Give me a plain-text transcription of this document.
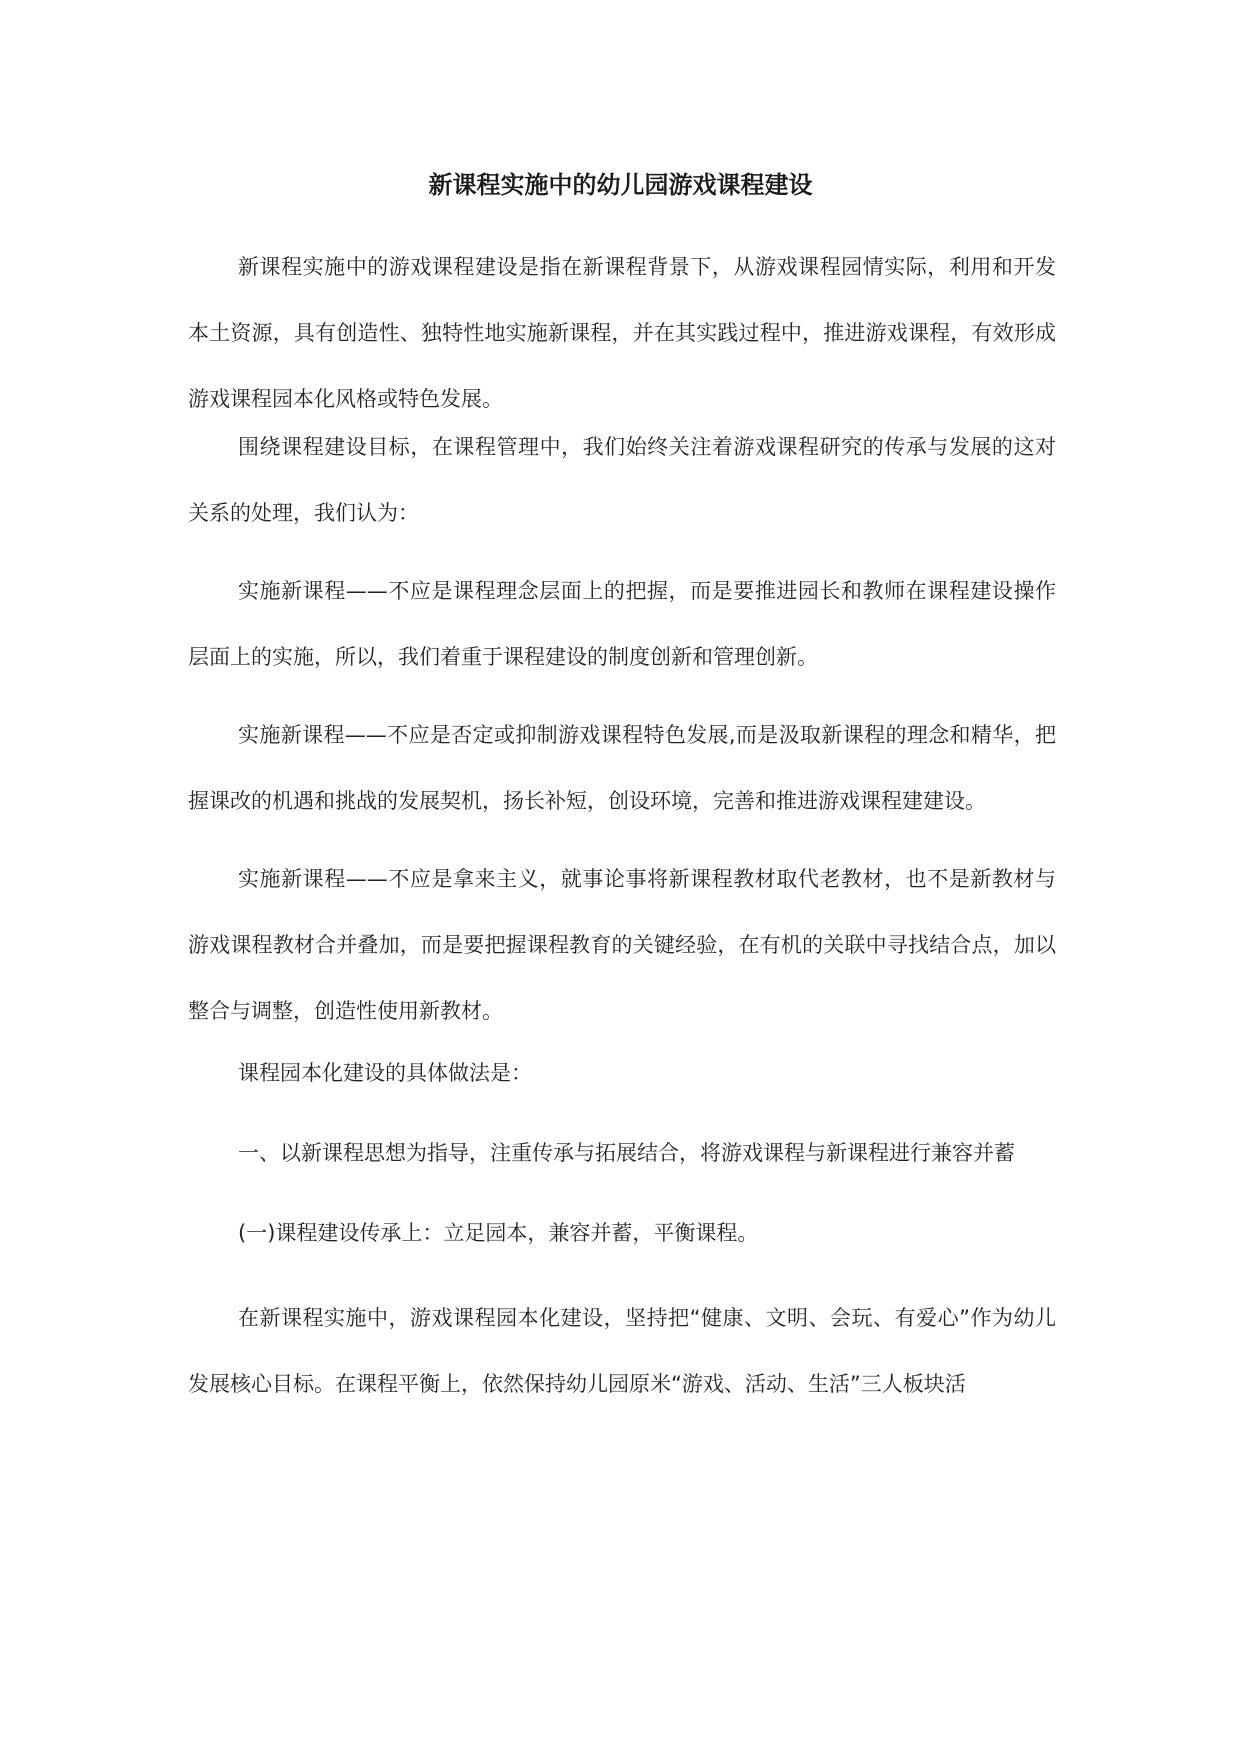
新课程实施中的幼儿园游戏课程建设

新课程实施中的游戏课程建设是指在新课程背景下，从游戏课程园情实际，利用和开发本土资源，具有创造性、独特性地实施新课程，并在其实践过程中，推进游戏课程，有效形成游戏课程园本化风格或特色发展。

围绕课程建设目标，在课程管理中，我们始终关注着游戏课程研究的传承与发展的这对关系的处理，我们认为：

实施新课程——不应是课程理念层面上的把握，而是要推进园长和教师在课程建设操作层面上的实施，所以，我们着重于课程建设的制度创新和管理创新。

实施新课程——不应是否定或抑制游戏课程特色发展,而是汲取新课程的理念和精华，把握课改的机遇和挑战的发展契机，扬长补短，创设环境，完善和推进游戏课程建建设。

实施新课程——不应是拿来主义，就事论事将新课程教材取代老教材，也不是新教材与游戏课程教材合并叠加，而是要把握课程教育的关键经验，在有机的关联中寻找结合点，加以整合与调整，创造性使用新教材。

课程园本化建设的具体做法是：

一、以新课程思想为指导，注重传承与拓展结合，将游戏课程与新课程进行兼容并蓄

(一)课程建设传承上：立足园本，兼容并蓄，平衡课程。

在新课程实施中，游戏课程园本化建设，坚持把“健康、文明、会玩、有爱心”作为幼儿发展核心目标。在课程平衡上，依然保持幼儿园原米“游戏、活动、生活”三人板块活
